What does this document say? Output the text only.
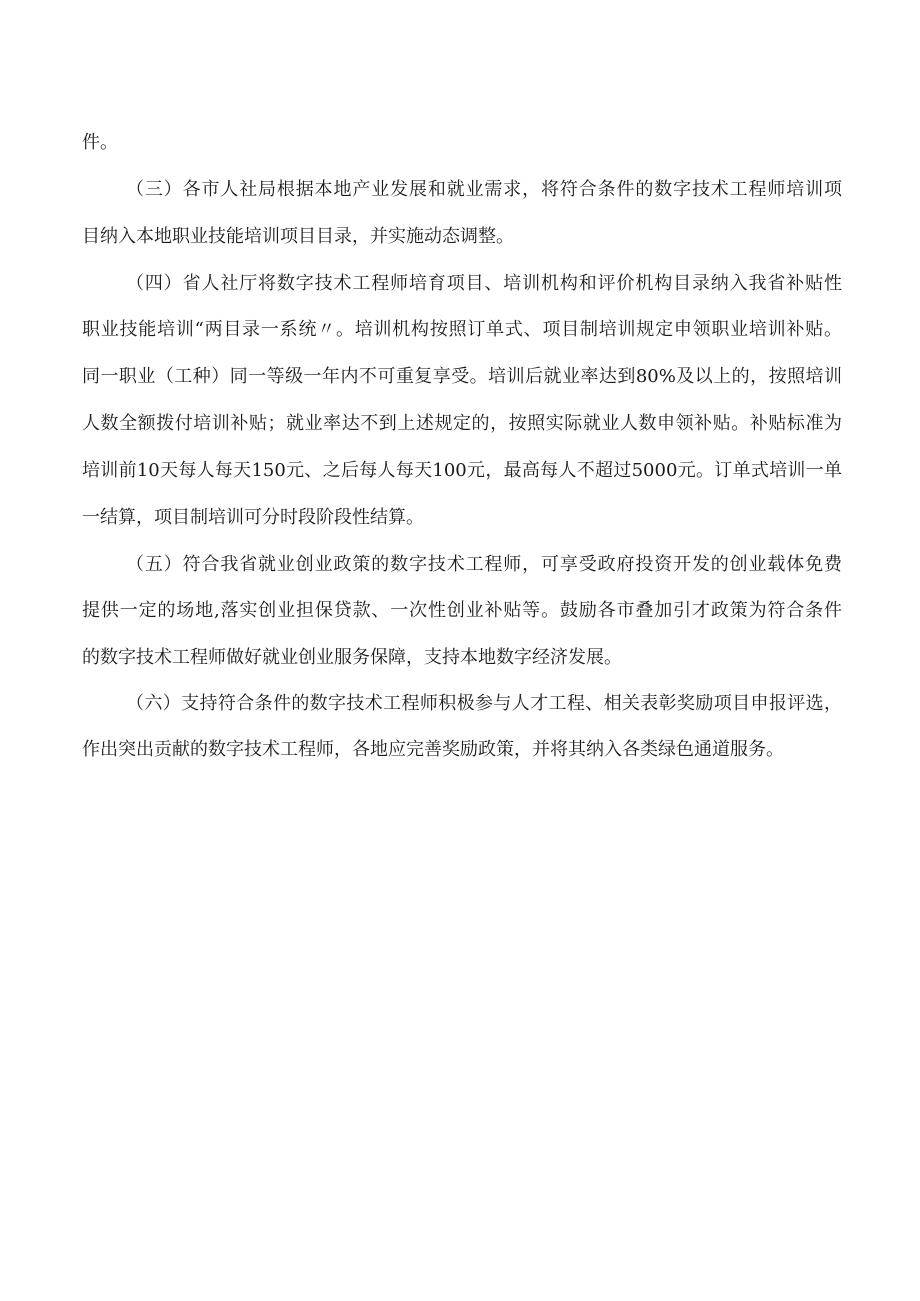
件。
（三）各市人社局根据本地产业发展和就业需求，将符合条件的数字技术工程师培训项
目纳入本地职业技能培训项目目录，并实施动态调整。
（四）省人社厅将数字技术工程师培育项目、培训机构和评价机构目录纳入我省补贴性
职业技能培训“两目录一系统〃。培训机构按照订单式、项目制培训规定申领职业培训补贴。
同一职业（工种）同一等级一年内不可重复享受。培训后就业率达到80%及以上的，按照培训
人数全额拨付培训补贴；就业率达不到上述规定的，按照实际就业人数申领补贴。补贴标准为
培训前10天每人每天150元、之后每人每天100元，最高每人不超过5000元。订单式培训一单
一结算，项目制培训可分时段阶段性结算。
（五）符合我省就业创业政策的数字技术工程师，可享受政府投资开发的创业载体免费
提供一定的场地,落实创业担保贷款、一次性创业补贴等。鼓励各市叠加引才政策为符合条件
的数字技术工程师做好就业创业服务保障，支持本地数字经济发展。
（六）支持符合条件的数字技术工程师积极参与人才工程、相关表彰奖励项目申报评选，
作出突出贡献的数字技术工程师，各地应完善奖励政策，并将其纳入各类绿色通道服务。
